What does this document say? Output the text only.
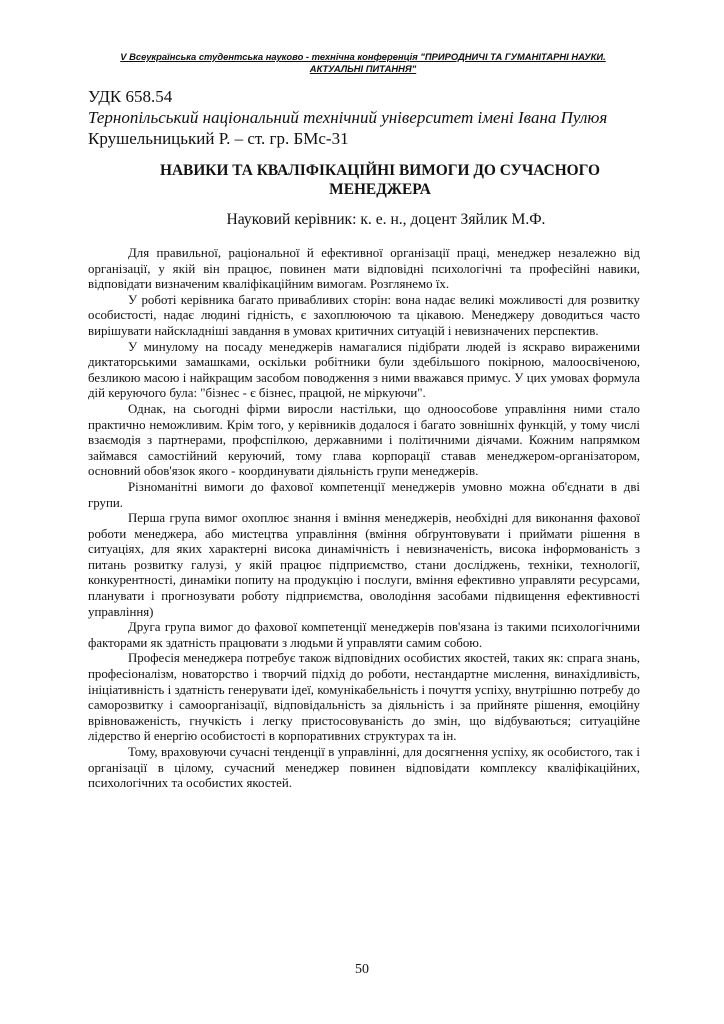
V Всеукраїнська студентська науково - технічна конференція "ПРИРОДНИЧІ ТА ГУМАНІТАРНІ НАУКИ.
АКТУАЛЬНІ ПИТАННЯ"

УДК 658.54

Тернопільський національний технічний університет імені Івана Пулюя

Крушельницький Р. – ст. гр. БМс-31

НАВИКИ ТА КВАЛІФІКАЦІЙНІ ВИМОГИ ДО СУЧАСНОГО
МЕНЕДЖЕРА

Науковий керівник: к. е. н., доцент Зяйлик М.Ф.

Для правильної, раціональної й ефективної організації праці, менеджер незалежно від організації, у якій він працює, повинен мати відповідні психологічні та професійні навики, відповідати визначеним кваліфікаційним вимогам. Розглянемо їх.

У роботі керівника багато привабливих сторін: вона надає великі можливості для розвитку особистості, надає людині гідність, є захоплюючою та цікавою. Менеджеру доводиться часто вирішувати найскладніші завдання в умовах критичних ситуацій і невизначених перспектив.

У минулому на посаду менеджерів намагалися підібрати людей із яскраво вираженими диктаторськими замашками, оскільки робітники були здебільшого покірною, малоосвіченою, безликою масою і найкращим засобом поводження з ними вважався примус. У цих умовах формула дій керуючого була: "бізнес - є бізнес, працюй, не міркуючи".

Однак, на сьогодні фірми виросли настільки, що одноособове управління ними стало практично неможливим. Крім того, у керівників додалося і багато зовнішніх функцій, у тому числі взаємодія з партнерами, профспілкою, державними і політичними діячами. Кожним напрямком займався самостійний керуючий, тому глава корпорації ставав менеджером-організатором, основний обов'язок якого - координувати діяльність групи менеджерів.

Різноманітні вимоги до фахової компетенції менеджерів умовно можна об'єднати в дві групи.

Перша група вимог охоплює знання і вміння менеджерів, необхідні для виконання фахової роботи менеджера, або мистецтва управління (вміння обґрунтовувати і приймати рішення в ситуаціях, для яких характерні висока динамічність і невизначеність, висока інформованість з питань розвитку галузі, у якій працює підприємство, стани досліджень, техніки, технології, конкурентності, динаміки попиту на продукцію і послуги, вміння ефективно управляти ресурсами, планувати і прогнозувати роботу підприємства, оволодіння засобами підвищення ефективності управління)

Друга група вимог до фахової компетенції менеджерів пов'язана із такими психологічними факторами як здатність працювати з людьми й управляти самим собою.

Професія менеджера потребує також відповідних особистих якостей, таких як: спрага знань, професіоналізм, новаторство і творчий підхід до роботи, нестандартне мислення, винахідливість, ініціативність і здатність генерувати ідеї, комунікабельність і почуття успіху, внутрішню потребу до саморозвитку і самоорганізації, відповідальність за діяльність і за прийняте рішення, емоційну врівноваженість, гнучкість і легку пристосовуваність до змін, що відбуваються; ситуаційне лідерство й енергію особистості в корпоративних структурах та ін.

Тому, враховуючи сучасні тенденції в управлінні, для досягнення успіху, як особистого, так і організації в цілому, сучасний менеджер повинен відповідати комплексу кваліфікаційних, психологічних та особистих якостей.

50
